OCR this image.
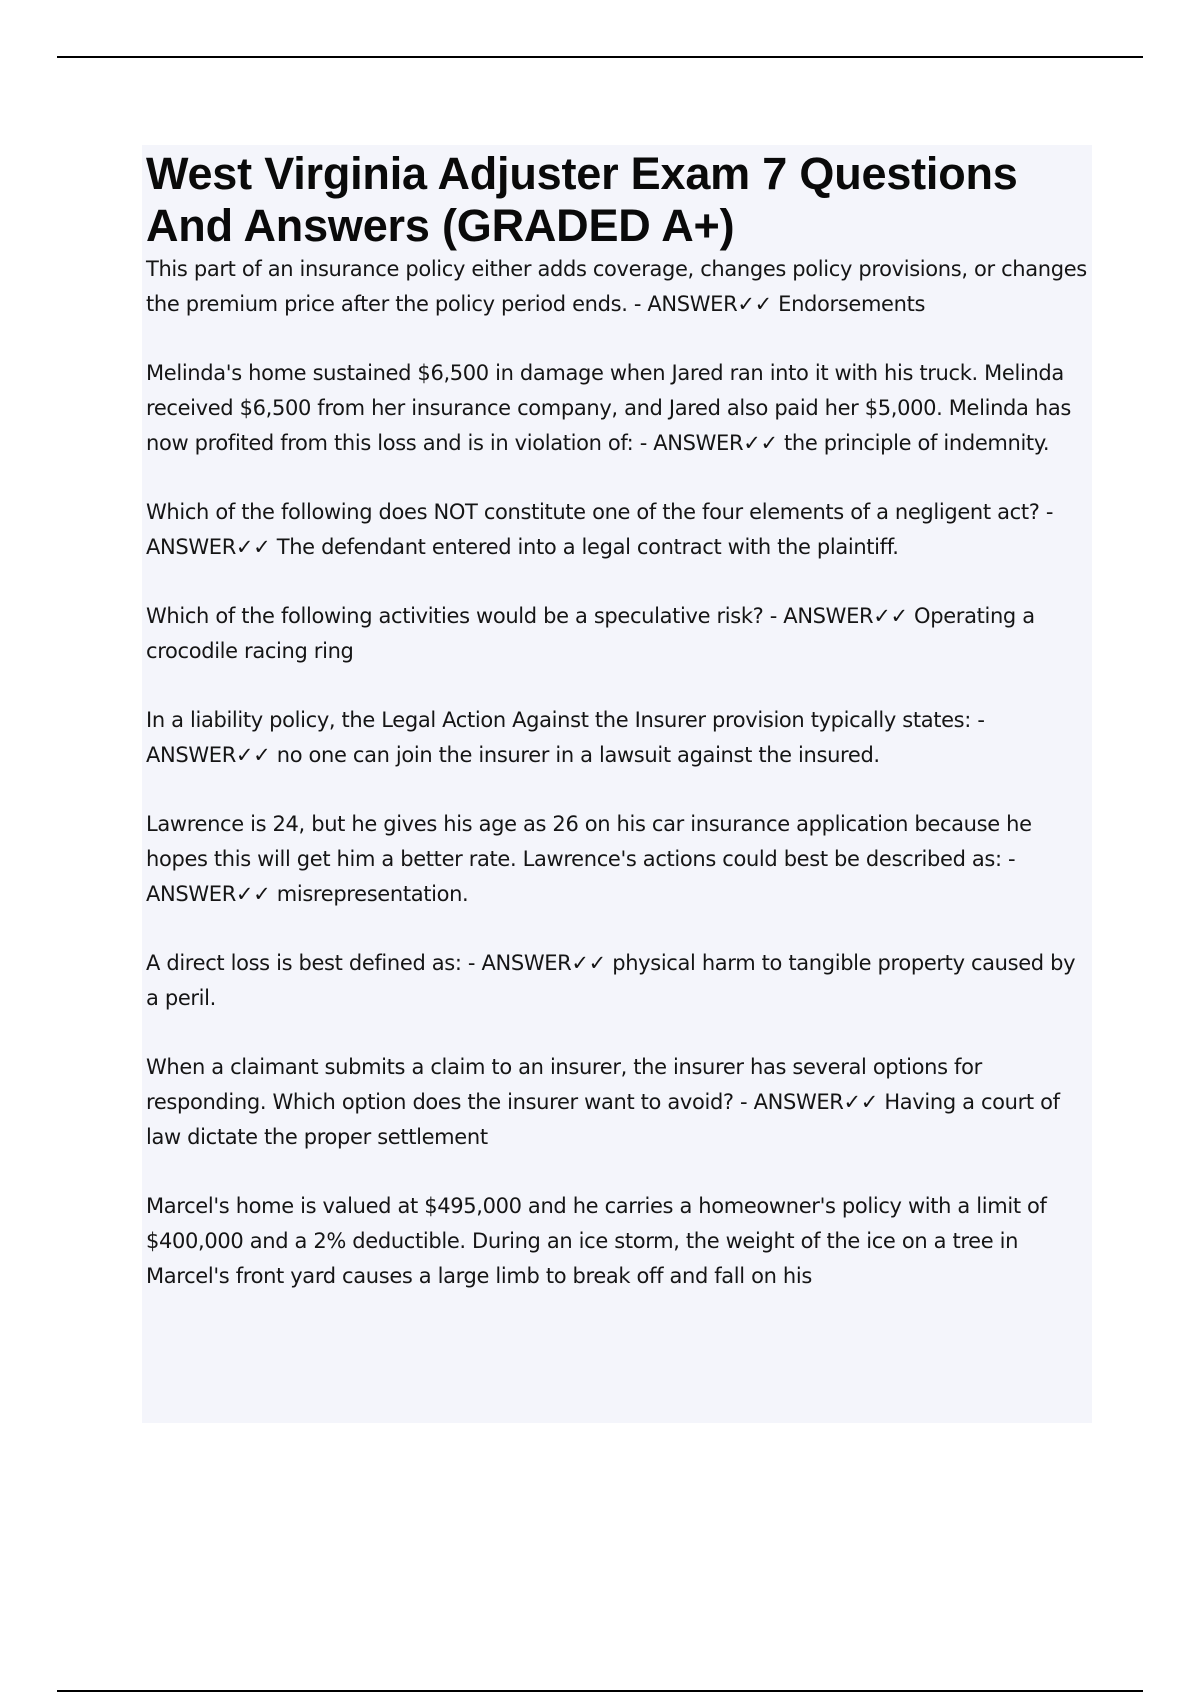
West Virginia Adjuster Exam 7 Questions And Answers (GRADED A+)
This part of an insurance policy either adds coverage, changes policy provisions, or changes the premium price after the policy period ends. - ANSWER✓✓ Endorsements
Melinda's home sustained $6,500 in damage when Jared ran into it with his truck. Melinda received $6,500 from her insurance company, and Jared also paid her $5,000. Melinda has now profited from this loss and is in violation of: - ANSWER✓✓ the principle of indemnity.
Which of the following does NOT constitute one of the four elements of a negligent act? - ANSWER✓✓ The defendant entered into a legal contract with the plaintiff.
Which of the following activities would be a speculative risk? - ANSWER✓✓ Operating a crocodile racing ring
In a liability policy, the Legal Action Against the Insurer provision typically states: - ANSWER✓✓ no one can join the insurer in a lawsuit against the insured.
Lawrence is 24, but he gives his age as 26 on his car insurance application because he hopes this will get him a better rate. Lawrence's actions could best be described as: - ANSWER✓✓ misrepresentation.
A direct loss is best defined as: - ANSWER✓✓ physical harm to tangible property caused by a peril.
When a claimant submits a claim to an insurer, the insurer has several options for responding. Which option does the insurer want to avoid? - ANSWER✓✓ Having a court of law dictate the proper settlement
Marcel's home is valued at $495,000 and he carries a homeowner's policy with a limit of $400,000 and a 2% deductible. During an ice storm, the weight of the ice on a tree in Marcel's front yard causes a large limb to break off and fall on his
